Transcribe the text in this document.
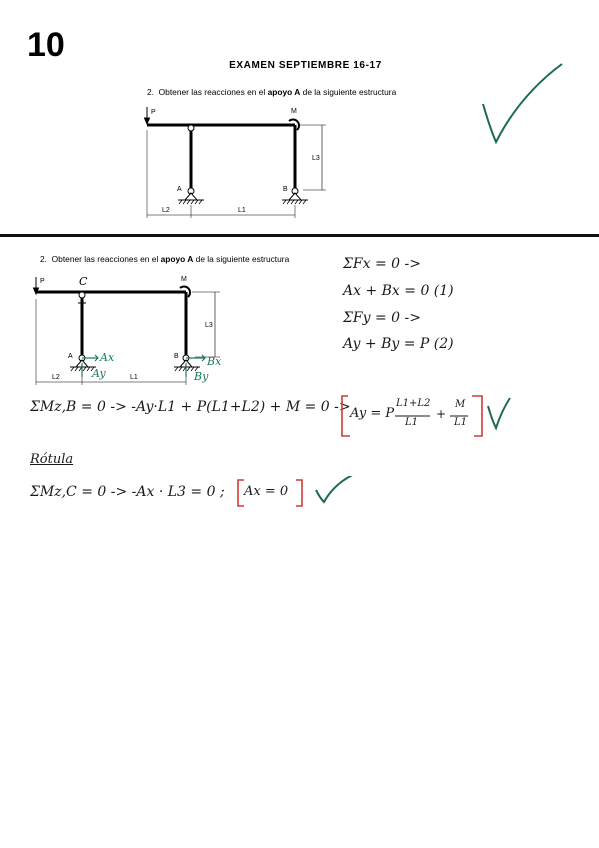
10
EXAMEN SEPTIEMBRE 16-17
2. Obtener las reacciones en el apoyo A de la siguiente estructura
P	M
A	B
L2	L1
L3
2. Obtener las reacciones en el apoyo A de la siguiente estructura
P	M
A	B
L2	L1
L3
C
Ax
Ay
Bx
By
ΣFx = 0 ->
Ax + Bx = 0 (1)
ΣFy = 0 ->
Ay + By = P (2)
ΣMz,B = 0 -> -Ay·L1 + P(L1+L2) + M = 0 -> Ay = P
L1+L2
L1
+
M
L1
Rótula
ΣMz,C = 0 -> -Ax · L3 = 0 ; Ax = 0
